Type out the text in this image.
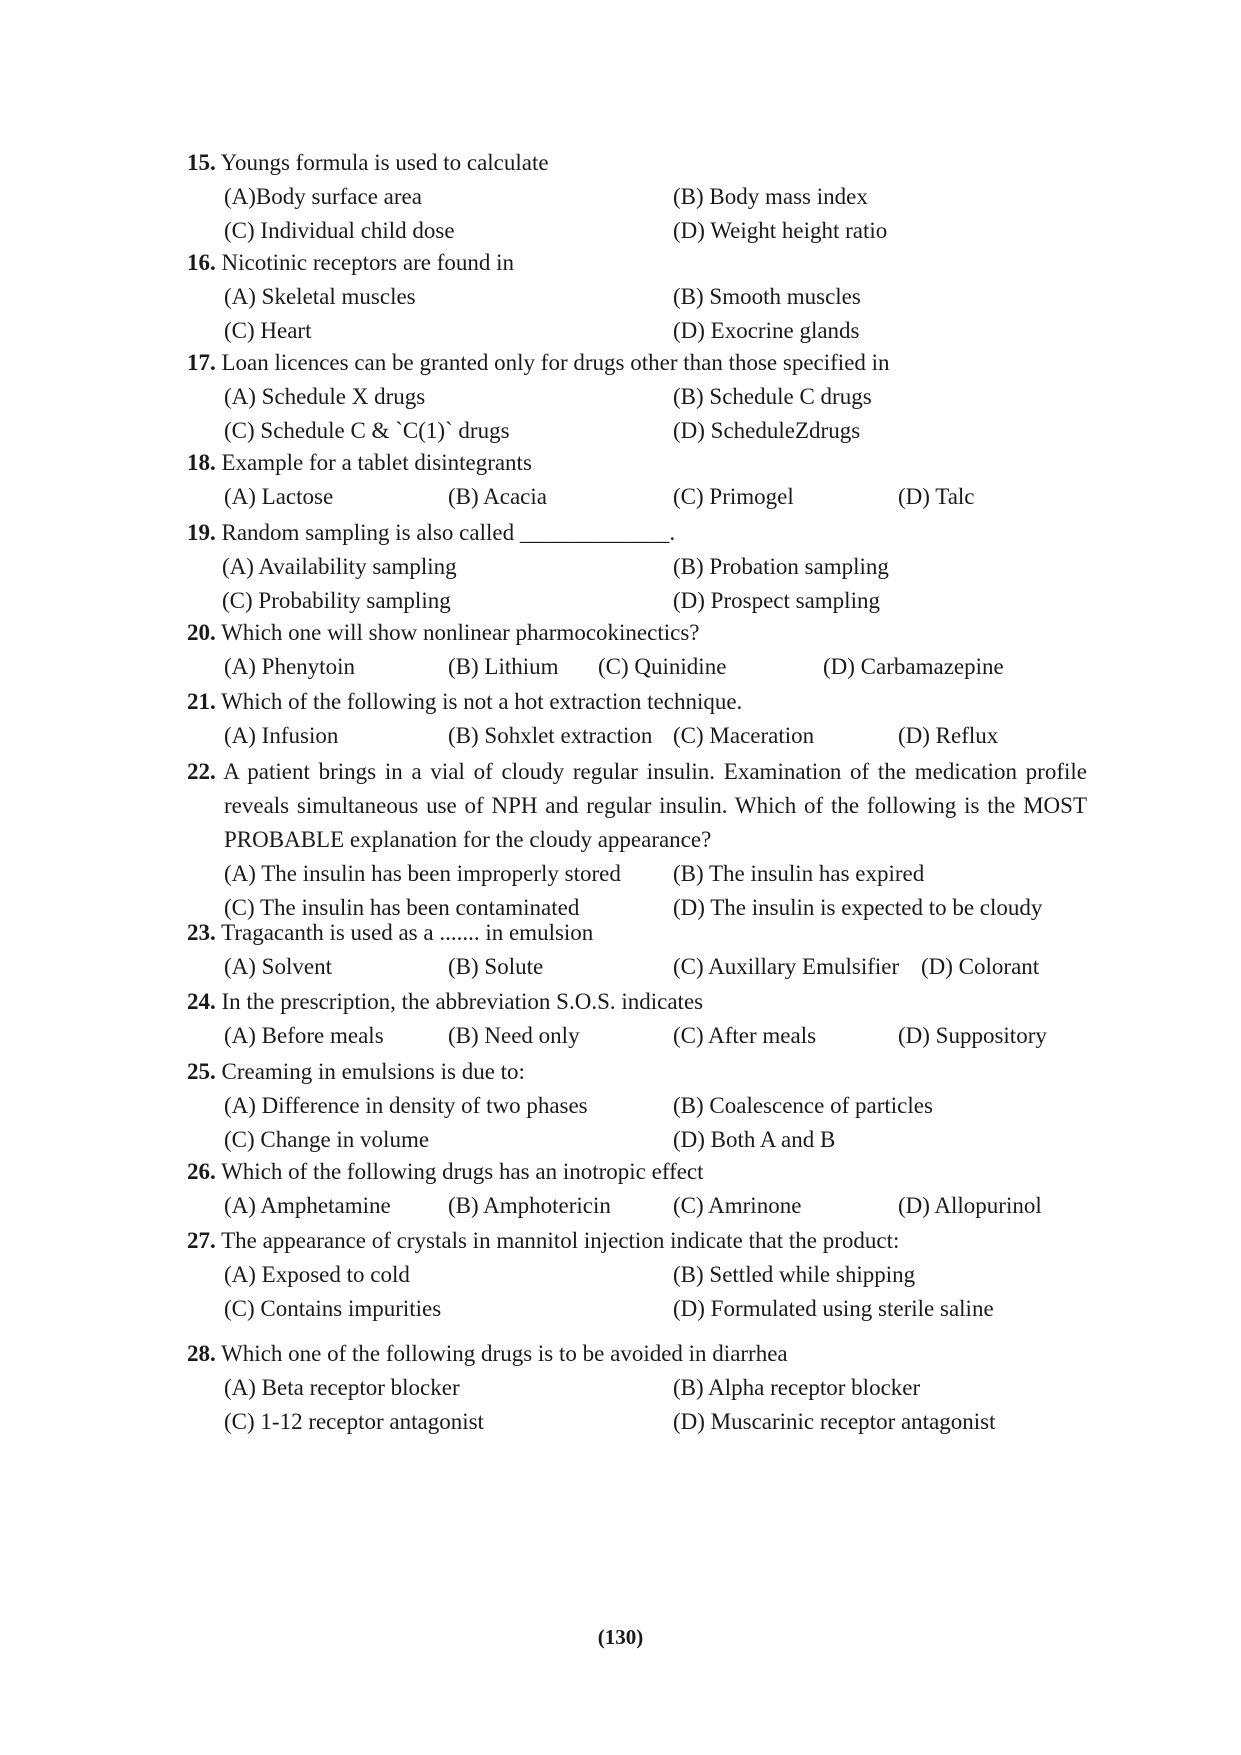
15. Youngs formula is used to calculate
(A)Body surface area	(B) Body mass index
(C) Individual child dose	(D) Weight height ratio
16. Nicotinic receptors are found in
(A) Skeletal muscles	(B) Smooth muscles
(C) Heart	(D) Exocrine glands
17. Loan licences can be granted only for drugs other than those specified in
(A) Schedule X drugs	(B) Schedule C drugs
(C) Schedule C & `C(1)` drugs	(D) ScheduleZdrugs
18. Example for a tablet disintegrants
(A) Lactose	(B) Acacia	(C) Primogel	(D) Talc
19. Random sampling is also called _____________.
(A) Availability sampling	(B) Probation sampling
(C) Probability sampling	(D) Prospect sampling
20. Which one will show nonlinear pharmocokinectics?
(A) Phenytoin	(B) Lithium (C) Quinidine	(D) Carbamazepine
21. Which of the following is not a hot extraction technique.
(A) Infusion	(B) Sohxlet extraction (C) Maceration	(D) Reflux
22. A patient brings in a vial of cloudy regular insulin. Examination of the medication profile reveals simultaneous use of NPH and regular insulin. Which of the following is the MOST PROBABLE explanation for the cloudy appearance?
(A) The insulin has been improperly stored (B) The insulin has expired
(C) The insulin has been contaminated	(D) The insulin is expected to be cloudy
23. Tragacanth is used as a ....... in emulsion
(A) Solvent	(B) Solute	(C) Auxillary Emulsifier (D) Colorant
24. In the prescription, the abbreviation S.O.S. indicates
(A) Before meals	(B) Need only	(C) After meals	(D) Suppository
25. Creaming in emulsions is due to:
(A) Difference in density of two phases	(B) Coalescence of particles
(C) Change in volume	(D) Both A and B
26. Which of the following drugs has an inotropic effect
(A) Amphetamine (B) Amphotericin	(C) Amrinone	(D) Allopurinol
27. The appearance of crystals in mannitol injection indicate that the product:
(A) Exposed to cold	(B) Settled while shipping
(C) Contains impurities	(D) Formulated using sterile saline
28. Which one of the following drugs is to be avoided in diarrhea
(A) Beta receptor blocker	(B) Alpha receptor blocker
(C) 1-12 receptor antagonist	(D) Muscarinic receptor antagonist
(130)
